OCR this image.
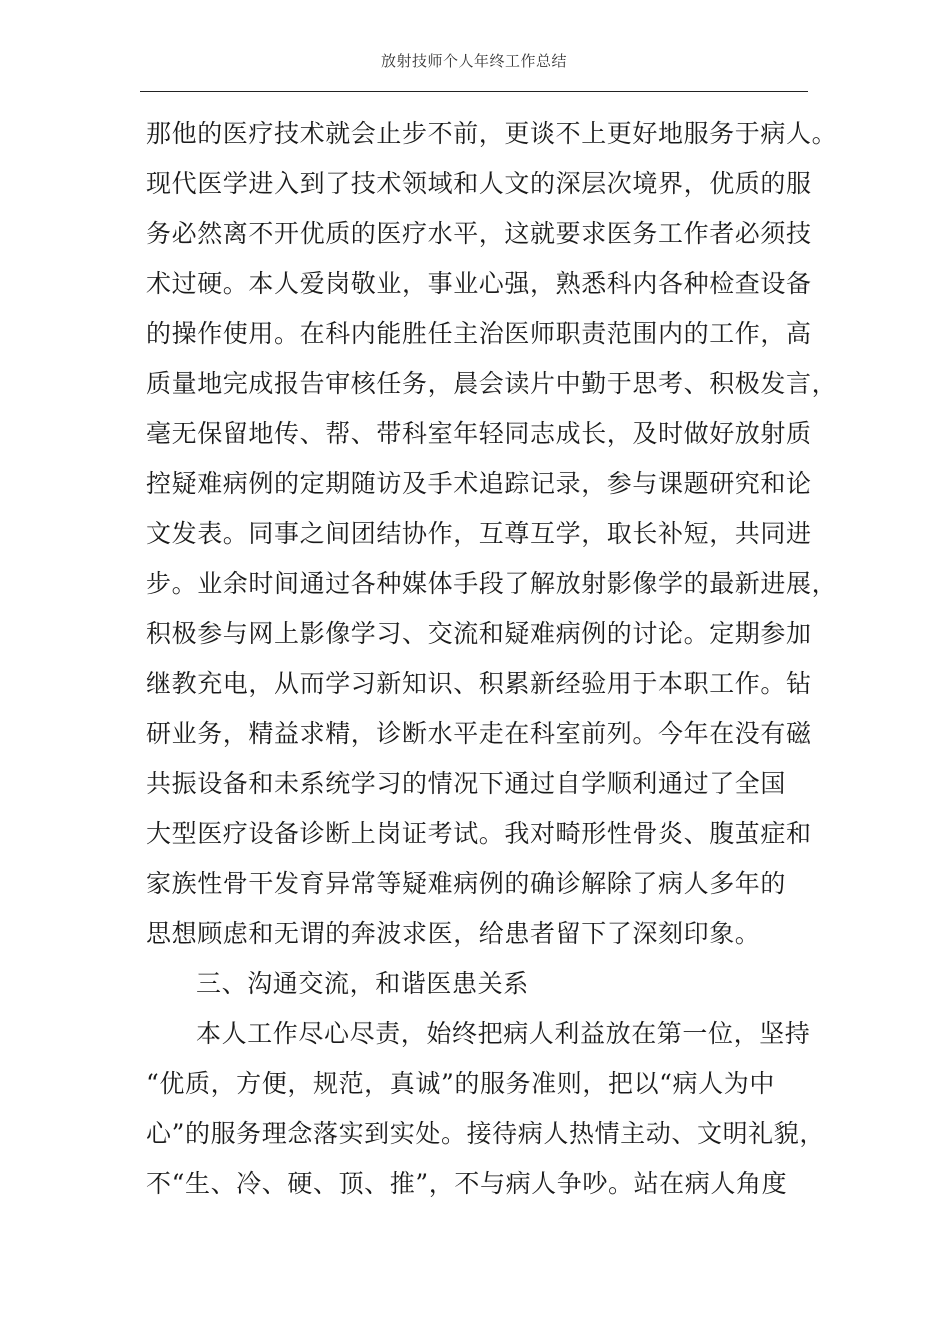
放射技师个人年终工作总结
那他的医疗技术就会止步不前，更谈不上更好地服务于病人。
现代医学进入到了技术领域和人文的深层次境界，优质的服
务必然离不开优质的医疗水平，这就要求医务工作者必须技
术过硬。本人爱岗敬业，事业心强，熟悉科内各种检查设备
的操作使用。在科内能胜任主治医师职责范围内的工作，高
质量地完成报告审核任务，晨会读片中勤于思考、积极发言，
毫无保留地传、帮、带科室年轻同志成长，及时做好放射质
控疑难病例的定期随访及手术追踪记录，参与课题研究和论
文发表。同事之间团结协作，互尊互学，取长补短，共同进
步。业余时间通过各种媒体手段了解放射影像学的最新进展，
积极参与网上影像学习、交流和疑难病例的讨论。定期参加
继教充电，从而学习新知识、积累新经验用于本职工作。钻
研业务，精益求精，诊断水平走在科室前列。今年在没有磁
共振设备和未系统学习的情况下通过自学顺利通过了全国
大型医疗设备诊断上岗证考试。我对畸形性骨炎、腹茧症和
家族性骨干发育异常等疑难病例的确诊解除了病人多年的
思想顾虑和无谓的奔波求医，给患者留下了深刻印象。
三、沟通交流，和谐医患关系
本人工作尽心尽责，始终把病人利益放在第一位，坚持
“优质，方便，规范，真诚”的服务准则，把以“病人为中
心”的服务理念落实到实处。接待病人热情主动、文明礼貌，
不“生、冷、硬、顶、推”，不与病人争吵。站在病人角度
